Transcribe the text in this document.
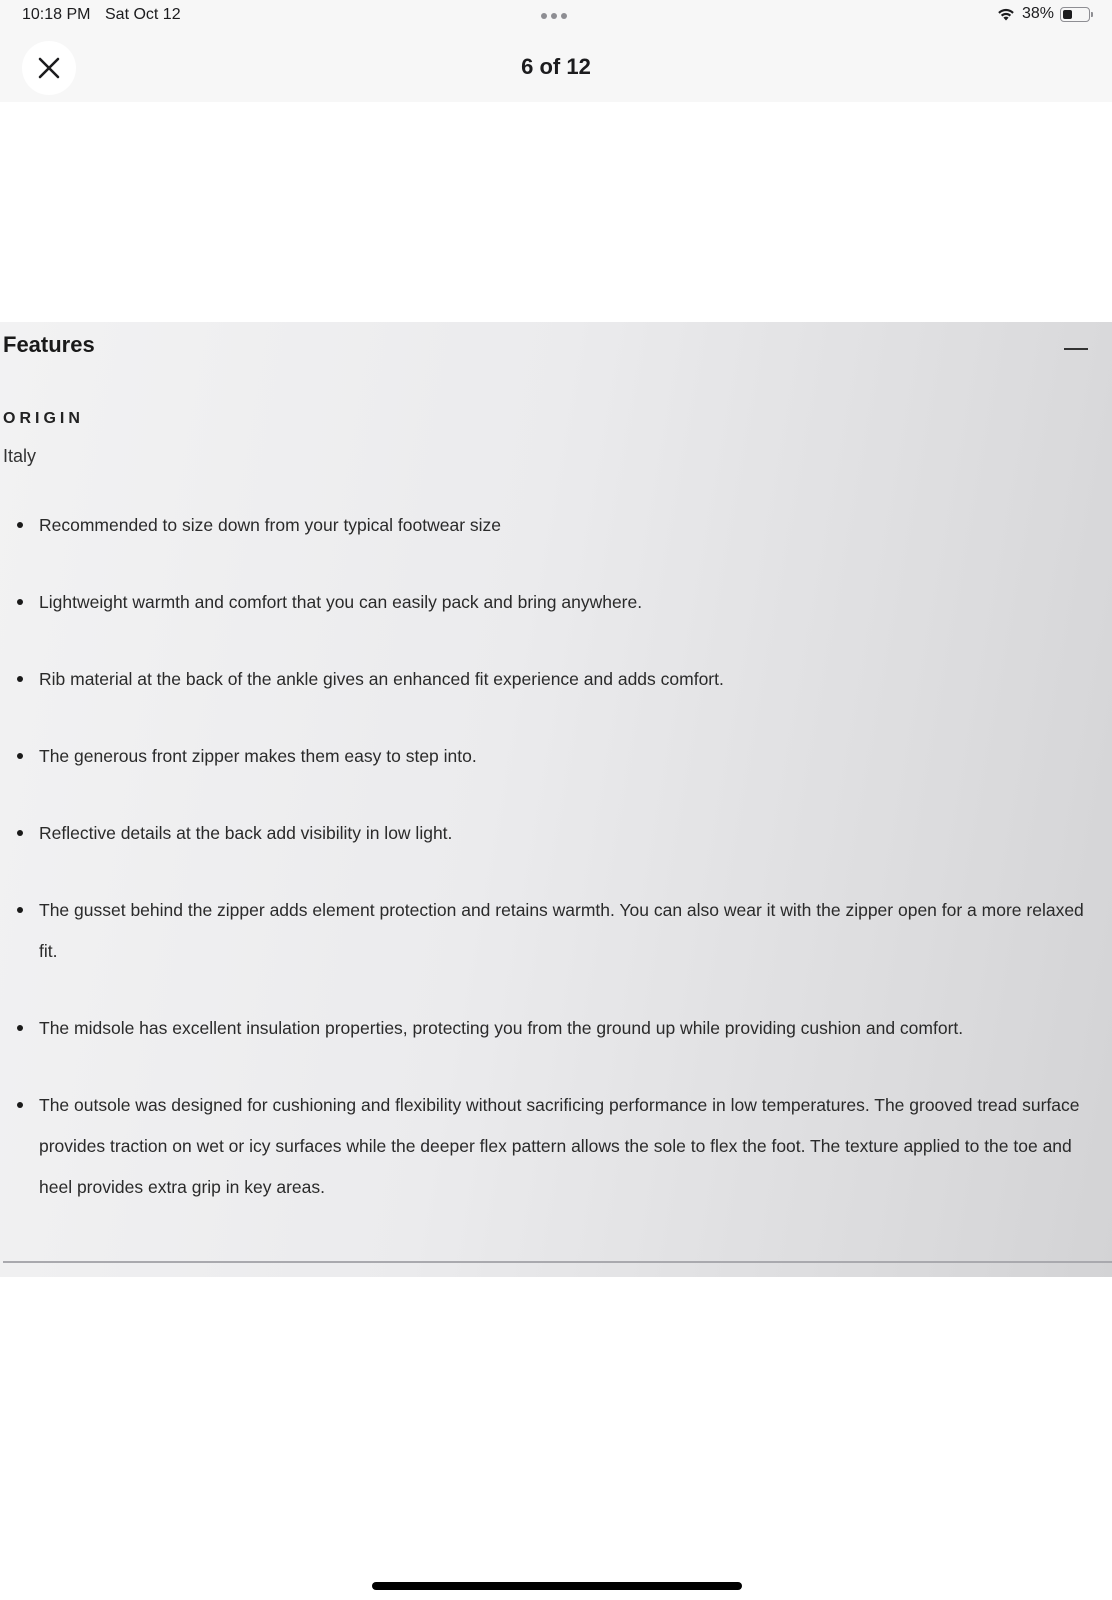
10:18 PM Sat Oct 12	38%
6 of 12
Features
ORIGIN
Italy
Recommended to size down from your typical footwear size
Lightweight warmth and comfort that you can easily pack and bring anywhere.
Rib material at the back of the ankle gives an enhanced fit experience and adds comfort.
The generous front zipper makes them easy to step into.
Reflective details at the back add visibility in low light.
The gusset behind the zipper adds element protection and retains warmth. You can also wear it with the zipper open for a more relaxed fit.
The midsole has excellent insulation properties, protecting you from the ground up while providing cushion and comfort.
The outsole was designed for cushioning and flexibility without sacrificing performance in low temperatures. The grooved tread surface provides traction on wet or icy surfaces while the deeper flex pattern allows the sole to flex the foot. The texture applied to the toe and heel provides extra grip in key areas.
